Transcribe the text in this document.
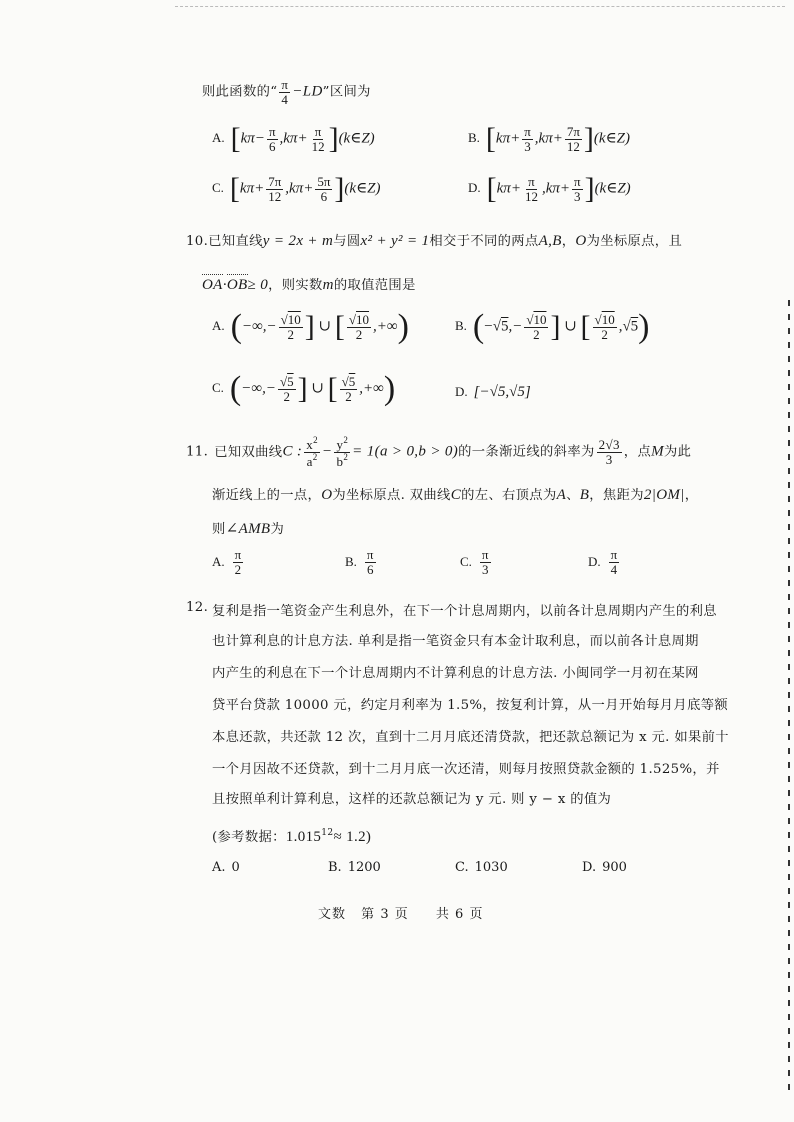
则此函数的“ $\frac{\pi}{4} -LD$”区间为
A. [$k\pi- \frac{\pi}{6} ,k\pi+ \frac{\pi}{12}$ ](k∈Z)	B. [$k\pi+ \frac{\pi}{3} ,k\pi+ \frac{7\pi}{12}$ ](k∈Z)
C. [$k\pi+ \frac{7\pi}{12} ,k\pi+ \frac{5\pi}{6}$ ](k∈Z)	D. [$k\pi+ \frac{\pi}{12} ,k\pi+ \frac{\pi}{3}$ ](k∈Z)
10.已知直线y = 2x + m与圆x² + y² = 1相交于不同的两点A,B，O为坐标原点，且
OA·OB≥ 0，则实数m的取值范围是
A. (−∞,− $\frac{√10}{2}$ ] ∪ [ $\frac{√10}{2}$ ,+∞)	B. ($-√5,- \frac{√10}{2}$ ] ∪ [ $\frac{√10}{2} ,√5$)
C. (−∞,− $\frac{√5}{2}$ ] ∪ [ $\frac{√5}{2}$ ,+∞)	D. [−√5,√5]
11. 已知双曲线C : $\frac{x^2}{a^2} - \frac{y^2}{b^2} = 1(a > 0,b > 0)$的一条渐近线的斜率为 $\frac{2√3}{3}$ ，点M为此
渐近线上的一点，O为坐标原点. 双曲线C的左、右顶点为A、B，焦距为2|OM|，
则∠AMB为
A. $\frac{\pi}{2}$	B. $\frac{\pi}{6}$	C. $\frac{\pi}{3}$	D. $\frac{\pi}{4}$
12. 复利是指一笔资金产生利息外，在下一个计息周期内，以前各计息周期内产生的利息
也计算利息的计息方法. 单利是指一笔资金只有本金计取利息，而以前各计息周期
内产生的利息在下一个计息周期内不计算利息的计息方法. 小闽同学一月初在某网
贷平台贷款 10000 元，约定月利率为 1.5%，按复利计算，从一月开始每月月底等额
本息还款，共还款 12 次，直到十二月月底还清贷款，把还款总额记为 x 元. 如果前十
一个月因故不还贷款，到十二月月底一次还清，则每月按照贷款金额的 1.525%，并
且按照单利计算利息，这样的还款总额记为 y 元. 则 y − x 的值为
(参考数据：$1.015^{12}\approx 1.2$)
A. 0	B. 1200	C. 1030	D. 900
文数 第 3 页 共 6 页
